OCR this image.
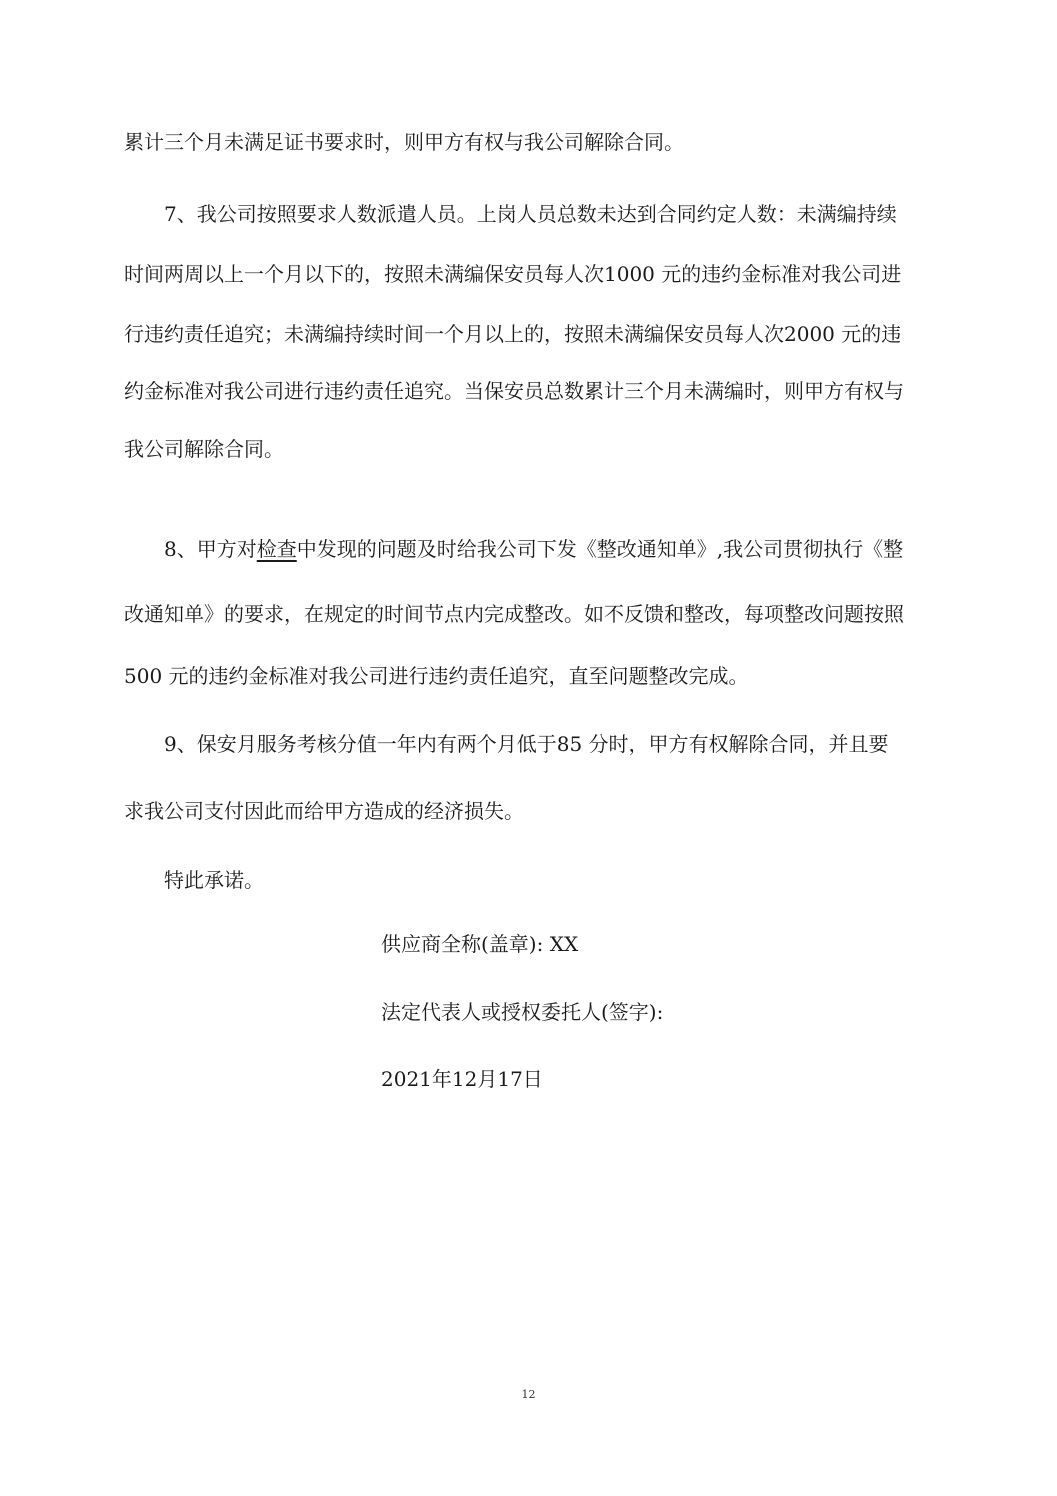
累计三个月未满足证书要求时，则甲方有权与我公司解除合同。
7、我公司按照要求人数派遣人员。上岗人员总数未达到合同约定人数：未满编持续
时间两周以上一个月以下的，按照未满编保安员每人次1000 元的违约金标准对我公司进
行违约责任追究；未满编持续时间一个月以上的，按照未满编保安员每人次2000 元的违
约金标准对我公司进行违约责任追究。当保安员总数累计三个月未满编时，则甲方有权与
我公司解除合同。
8、甲方对检查中发现的问题及时给我公司下发《整改通知单》,我公司贯彻执行《整
改通知单》的要求，在规定的时间节点内完成整改。如不反馈和整改，每项整改问题按照
500 元的违约金标准对我公司进行违约责任追究，直至问题整改完成。
9、保安月服务考核分值一年内有两个月低于85 分时，甲方有权解除合同，并且要
求我公司支付因此而给甲方造成的经济损失。
特此承诺。
供应商全称(盖章): XX
法定代表人或授权委托人(签字):
2021年12月17日
12
